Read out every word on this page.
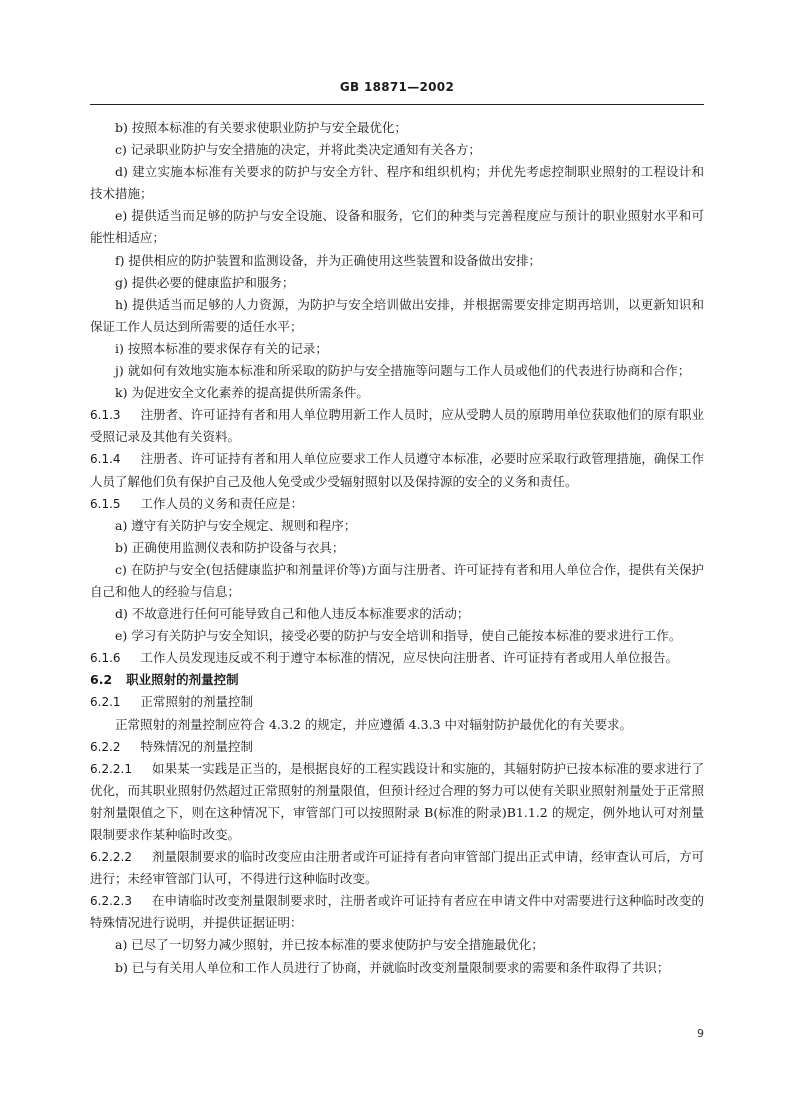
GB 18871—2002

b) 按照本标准的有关要求使职业防护与安全最优化；

c) 记录职业防护与安全措施的决定，并将此类决定通知有关各方；

d) 建立实施本标准有关要求的防护与安全方针、程序和组织机构；并优先考虑控制职业照射的工程设计和技术措施；

e) 提供适当而足够的防护与安全设施、设备和服务，它们的种类与完善程度应与预计的职业照射水平和可能性相适应；

f) 提供相应的防护装置和监测设备，并为正确使用这些装置和设备做出安排；

g) 提供必要的健康监护和服务；

h) 提供适当而足够的人力资源，为防护与安全培训做出安排，并根据需要安排定期再培训，以更新知识和保证工作人员达到所需要的适任水平；

i) 按照本标准的要求保存有关的记录；

j) 就如何有效地实施本标准和所采取的防护与安全措施等问题与工作人员或他们的代表进行协商和合作；

k) 为促进安全文化素养的提高提供所需条件。

6.1.3 注册者、许可证持有者和用人单位聘用新工作人员时，应从受聘人员的原聘用单位获取他们的原有职业受照记录及其他有关资料。

6.1.4 注册者、许可证持有者和用人单位应要求工作人员遵守本标准，必要时应采取行政管理措施，确保工作人员了解他们负有保护自己及他人免受或少受辐射照射以及保持源的安全的义务和责任。

6.1.5 工作人员的义务和责任应是：

a) 遵守有关防护与安全规定、规则和程序；

b) 正确使用监测仪表和防护设备与衣具；

c) 在防护与安全(包括健康监护和剂量评价等)方面与注册者、许可证持有者和用人单位合作，提供有关保护自己和他人的经验与信息；

d) 不故意进行任何可能导致自己和他人违反本标准要求的活动；

e) 学习有关防护与安全知识，接受必要的防护与安全培训和指导，使自己能按本标准的要求进行工作。

6.1.6 工作人员发现违反或不利于遵守本标准的情况，应尽快向注册者、许可证持有者或用人单位报告。

6.2 职业照射的剂量控制

6.2.1 正常照射的剂量控制

正常照射的剂量控制应符合 4.3.2 的规定，并应遵循 4.3.3 中对辐射防护最优化的有关要求。

6.2.2 特殊情况的剂量控制

6.2.2.1 如果某一实践是正当的，是根据良好的工程实践设计和实施的，其辐射防护已按本标准的要求进行了优化，而其职业照射仍然超过正常照射的剂量限值，但预计经过合理的努力可以使有关职业照射剂量处于正常照射剂量限值之下，则在这种情况下，审管部门可以按照附录 B(标准的附录)B1.1.2 的规定，例外地认可对剂量限制要求作某种临时改变。

6.2.2.2 剂量限制要求的临时改变应由注册者或许可证持有者向审管部门提出正式申请，经审查认可后，方可进行；未经审管部门认可，不得进行这种临时改变。

6.2.2.3 在申请临时改变剂量限制要求时，注册者或许可证持有者应在申请文件中对需要进行这种临时改变的特殊情况进行说明，并提供证据证明：

a) 已尽了一切努力减少照射，并已按本标准的要求使防护与安全措施最优化；

b) 已与有关用人单位和工作人员进行了协商，并就临时改变剂量限制要求的需要和条件取得了共识；

9
